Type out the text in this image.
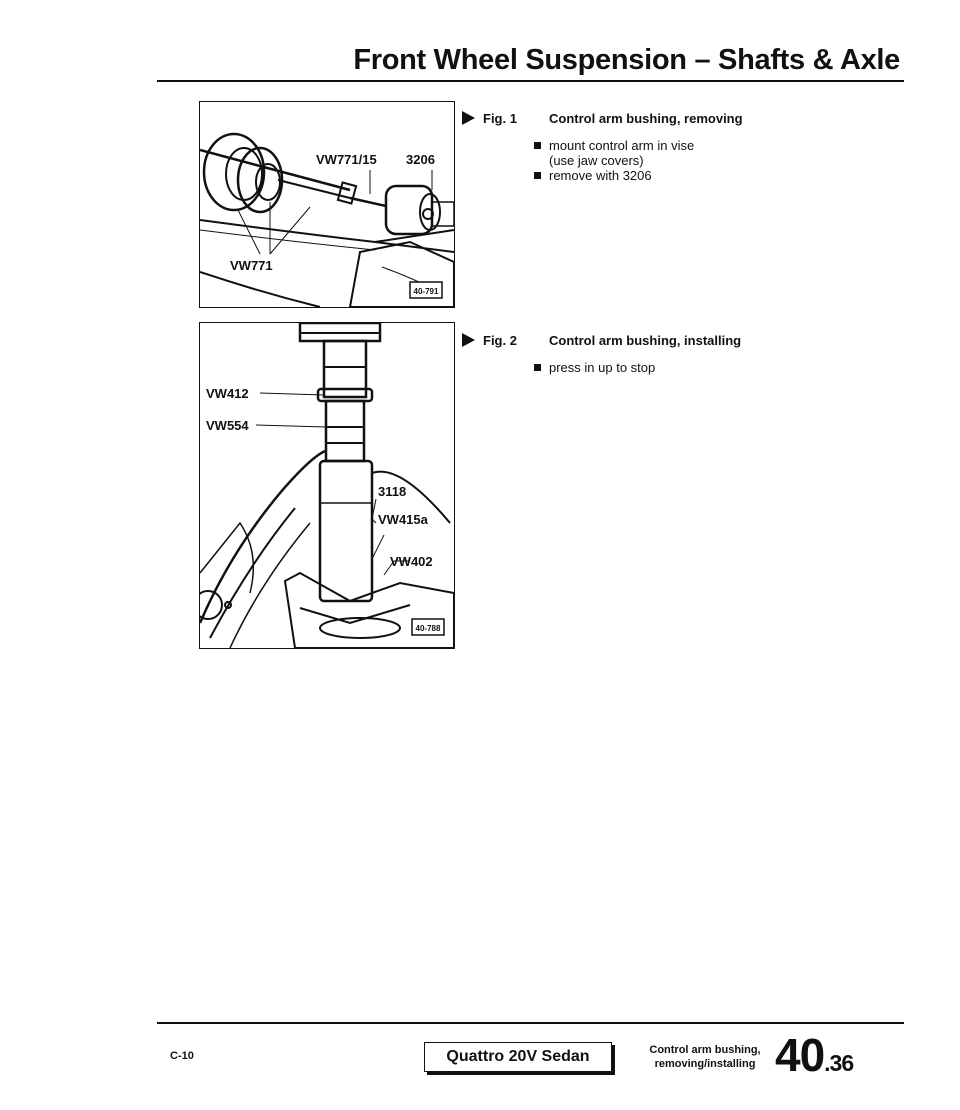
Front Wheel Suspension – Shafts & Axle
VW771/15 3206
VW771
40-791
Fig. 1	Control arm bushing, removing
mount control arm in vise
(use jaw covers)
remove with 3206
VW412
VW554
3118
VW415a
VW402
40-788
Fig. 2	Control arm bushing, installing
press in up to stop
C-10	Quattro 20V Sedan	Control arm bushing,
removing/installing 40.36
